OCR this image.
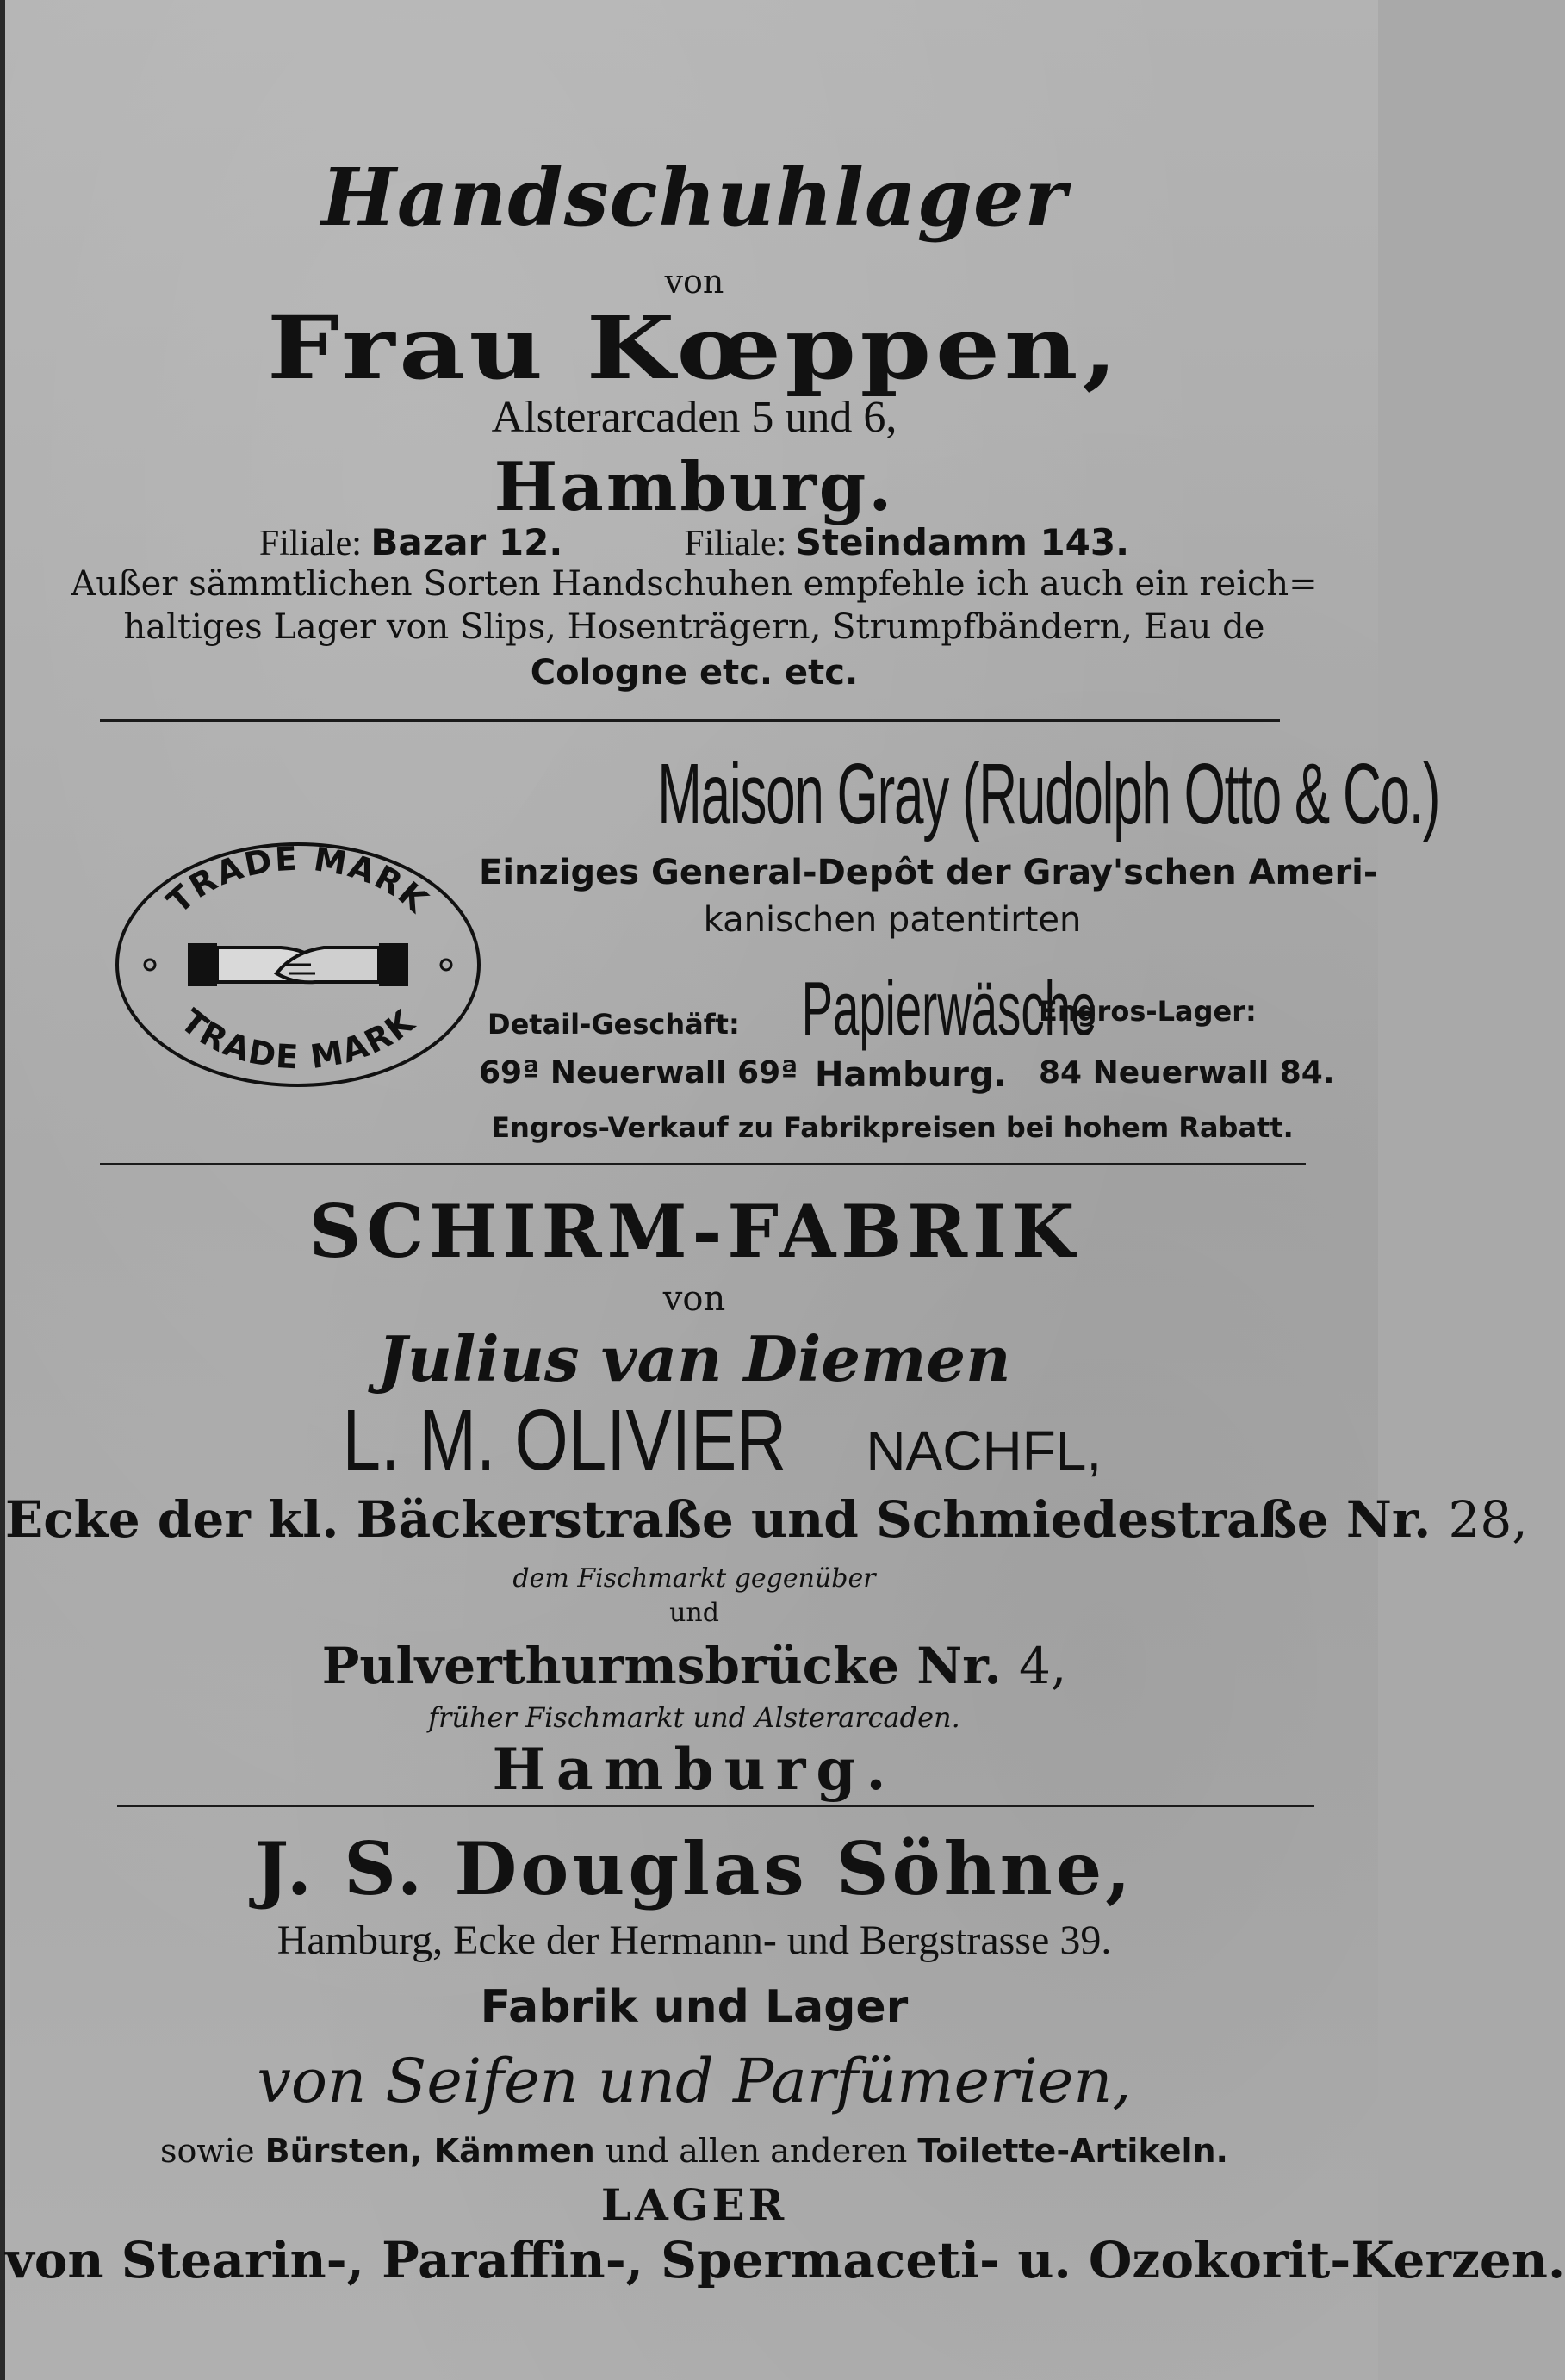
Handschuhlager
von
Frau Kœppen,
Alsterarcaden 5 und 6,
Hamburg.
Filiale: Bazar 12.	Filiale: Steindamm 143.
Außer sämmtlichen Sorten Handschuhen empfehle ich auch ein reich=
haltiges Lager von Slips, Hosenträgern, Strumpfbändern, Eau de
Cologne etc. etc.
TRADE MARK
TRADE MARK
Maison Gray (Rudolph Otto & Co.)
Einziges General-Depôt der Gray'schen Ameri-
kanischen patentirten
Detail-Geschäft: Papierwäsche
Engros-Lager:
69ª Neuerwall 69ª Hamburg. 84 Neuerwall 84.
Engros-Verkauf zu Fabrikpreisen bei hohem Rabatt.
SCHIRM-FABRIK
von
Julius van Diemen
L. M. OLIVIER NACHFL,
Ecke der kl. Bäckerstraße und Schmiedestraße Nr. 28,
dem Fischmarkt gegenüber
und
Pulverthurmsbrücke Nr. 4,
früher Fischmarkt und Alsterarcaden.
Hamburg.
J. S. Douglas Söhne,
Hamburg, Ecke der Hermann- und Bergstrasse 39.
Fabrik und Lager
von Seifen und Parfümerien,
sowie Bürsten, Kämmen und allen anderen Toilette-Artikeln.
LAGER
von Stearin-, Paraffin-, Spermaceti- u. Ozokorit-Kerzen.
